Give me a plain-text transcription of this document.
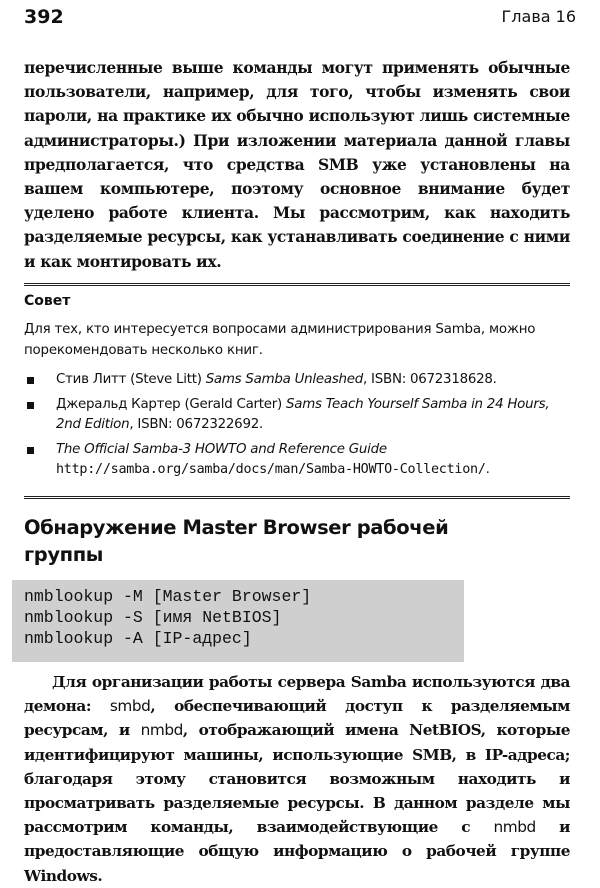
392	Глава 16

перечисленные выше команды могут применять обычные пользователи, например, для того, чтобы изменять свои пароли, на практике их обычно используют лишь системные администраторы.) При изложении материала данной главы предполагается, что средства SMB уже установлены на вашем компьютере, поэтому основное внимание будет уделено работе клиента. Мы рассмотрим, как находить разделяемые ресурсы, как устанавливать соединение с ними и как монтировать их.

Совет
Для тех, кто интересуется вопросами администрирования Samba, можно порекомендовать несколько книг.
Стив Литт (Steve Litt) Sams Samba Unleashed, ISBN: 0672318628.
Джеральд Картер (Gerald Carter) Sams Teach Yourself Samba in 24 Hours, 2nd Edition, ISBN: 0672322692.
The Official Samba-3 HOWTO and Reference Guide http://samba.org/samba/docs/man/Samba-HOWTO-Collection/.
Обнаружение Master Browser рабочей группы
nmblookup -M [Master Browser]
nmblookup -S [имя NetBIOS]
nmblookup -A [IP-адрес]

Для организации работы сервера Samba используются два демона: smbd, обеспечивающий доступ к разделяемым ресурсам, и nmbd, отображающий имена NetBIOS, которые идентифицируют машины, использующие SMB, в IP-адреса; благодаря этому становится возможным находить и просматривать разделяемые ресурсы. В данном разделе мы рассмотрим команды, взаимодействующие с nmbd и предоставляющие общую информацию о рабочей группе Windows.
